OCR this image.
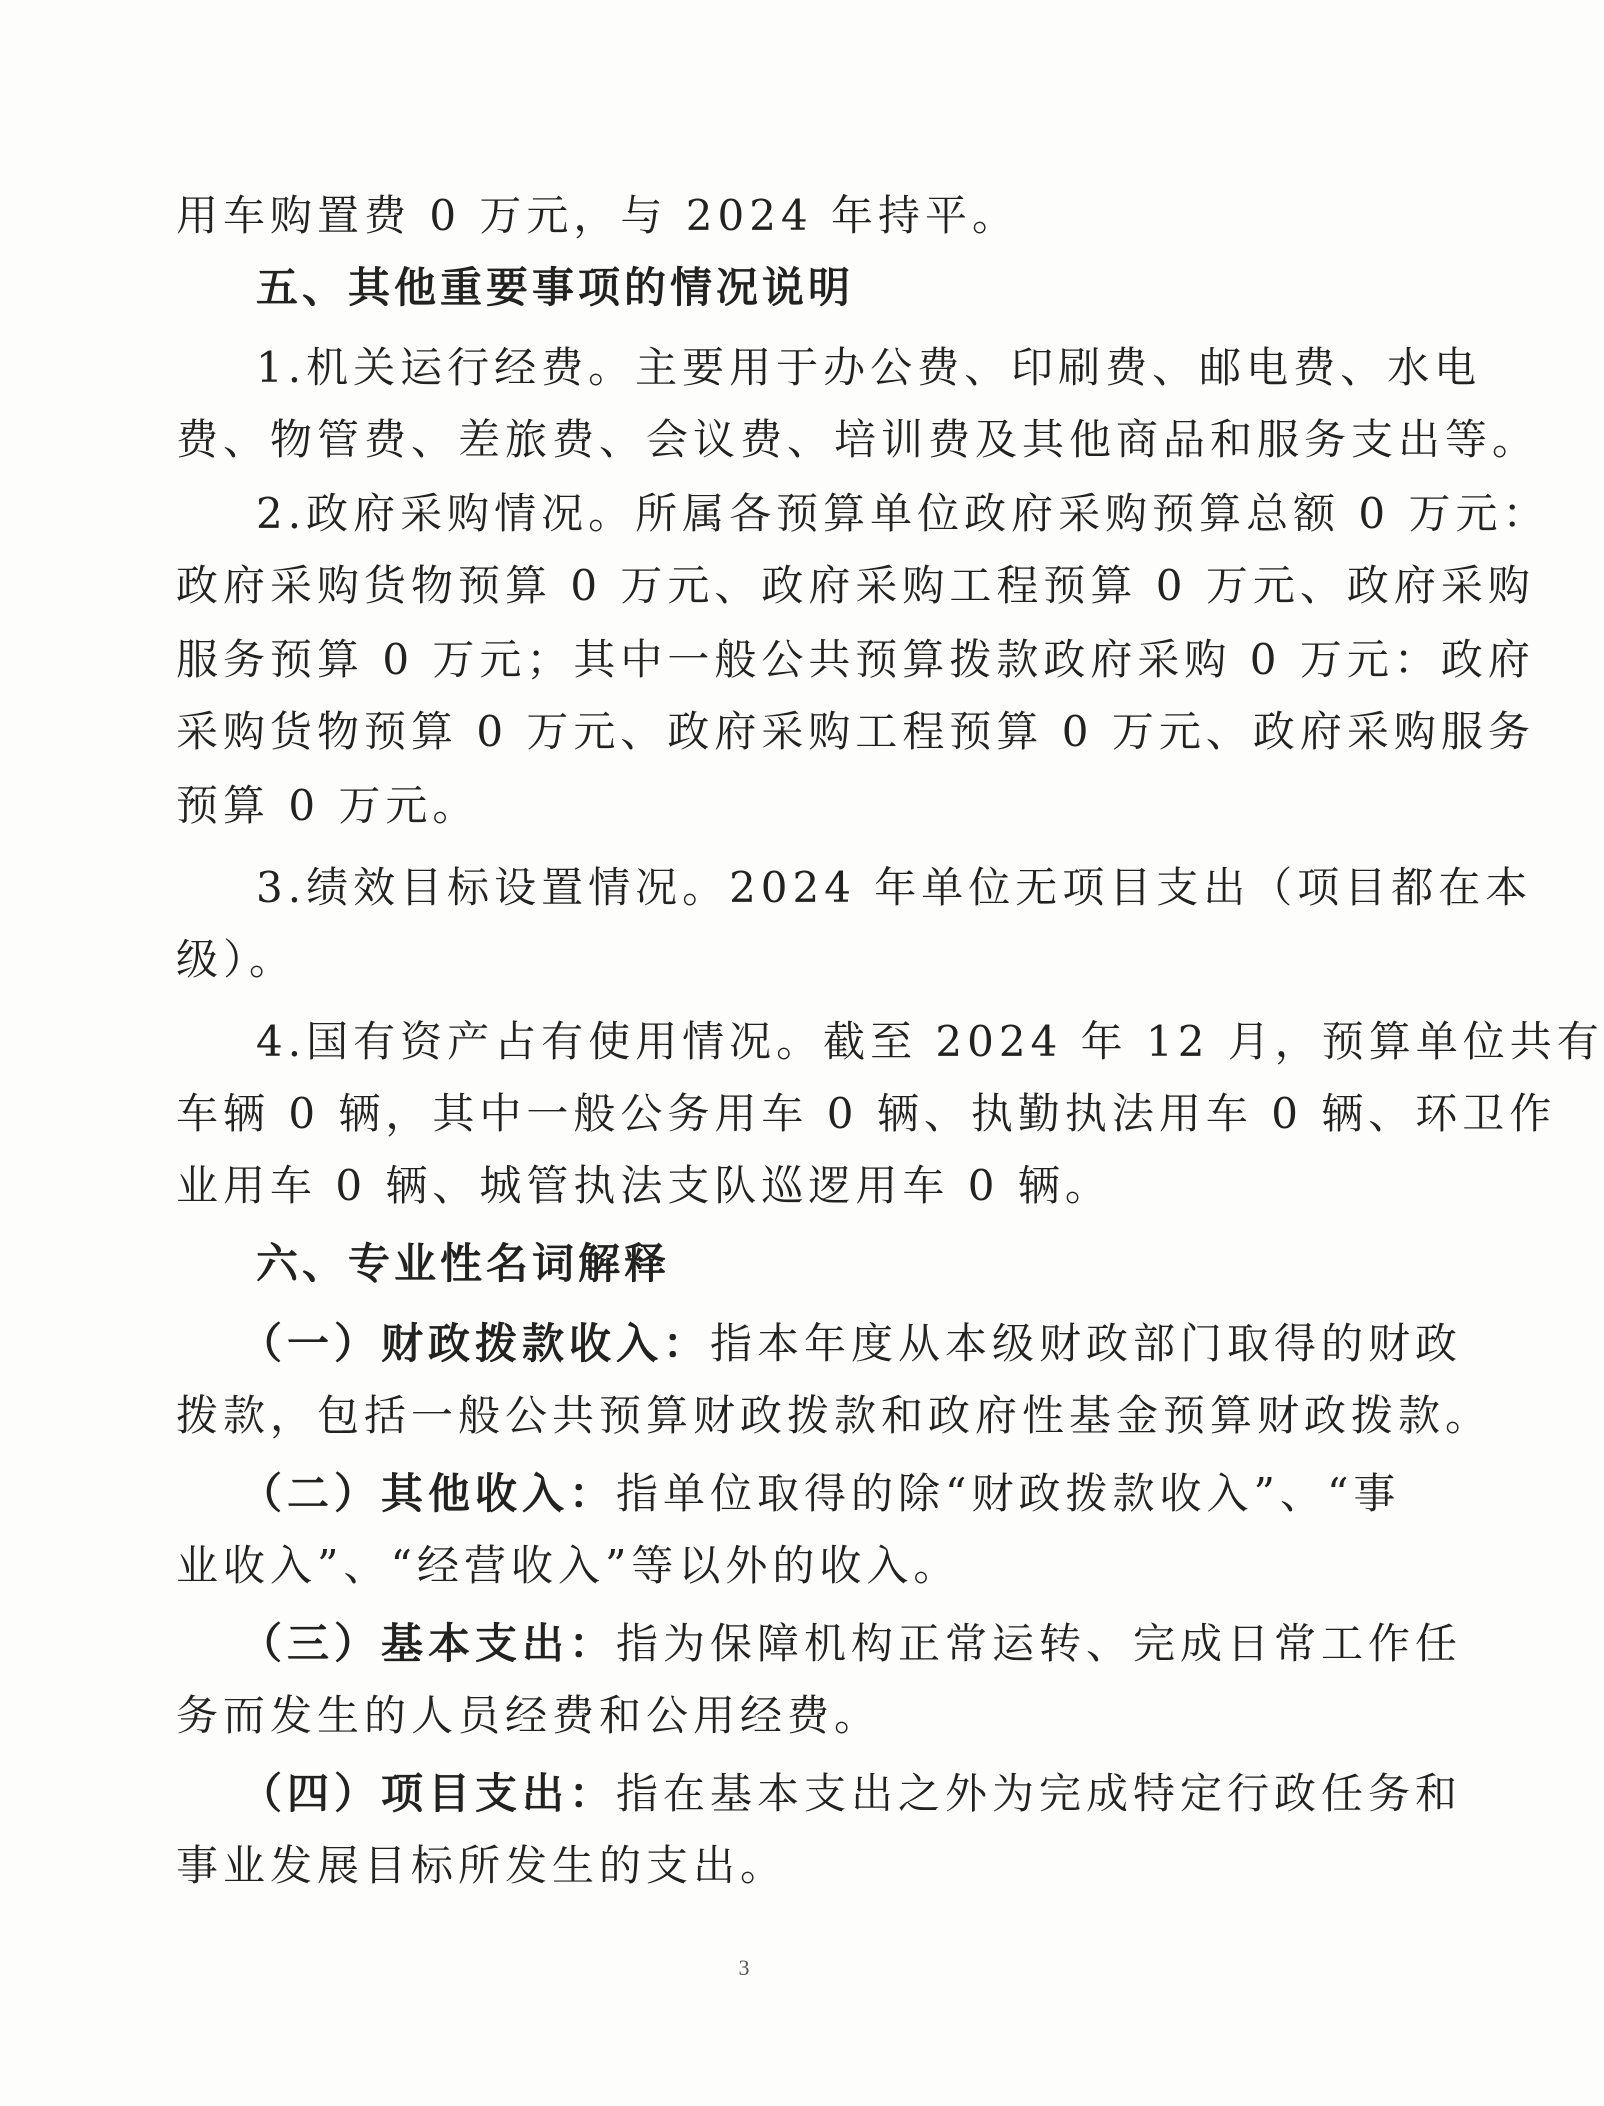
用车购置费 0 万元，与 2024 年持平。
五、其他重要事项的情况说明
1.机关运行经费。主要用于办公费、印刷费、邮电费、水电
费、物管费、差旅费、会议费、培训费及其他商品和服务支出等。
2.政府采购情况。所属各预算单位政府采购预算总额 0 万元：
政府采购货物预算 0 万元、政府采购工程预算 0 万元、政府采购
服务预算 0 万元；其中一般公共预算拨款政府采购 0 万元：政府
采购货物预算 0 万元、政府采购工程预算 0 万元、政府采购服务
预算 0 万元。
3.绩效目标设置情况。2024 年单位无项目支出（项目都在本
级）。
4.国有资产占有使用情况。截至 2024 年 12 月，预算单位共有
车辆 0 辆，其中一般公务用车 0 辆、执勤执法用车 0 辆、环卫作
业用车 0 辆、城管执法支队巡逻用车 0 辆。
六、专业性名词解释
（一）财政拨款收入：指本年度从本级财政部门取得的财政
拨款，包括一般公共预算财政拨款和政府性基金预算财政拨款。
（二）其他收入：指单位取得的除“财政拨款收入”、“事
业收入”、“经营收入”等以外的收入。
（三）基本支出：指为保障机构正常运转、完成日常工作任
务而发生的人员经费和公用经费。
（四）项目支出：指在基本支出之外为完成特定行政任务和
事业发展目标所发生的支出。
3
